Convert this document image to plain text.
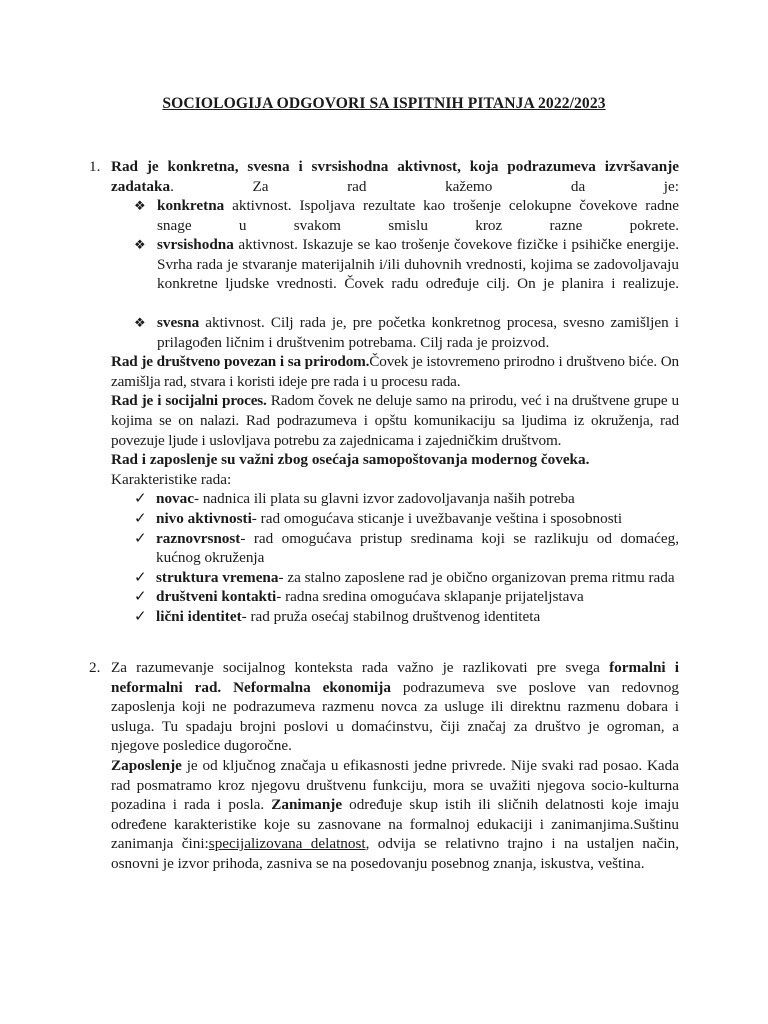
SOCIOLOGIJA ODGOVORI SA ISPITNIH PITANJA 2022/2023
1. Rad je konkretna, svesna i svrsishodna aktivnost, koja podrazumeva izvršavanje zadataka. Za rad kažemo da je:
❖ konkretna aktivnost. Ispoljava rezultate kao trošenje celokupne čovekove radne snage u svakom smislu kroz razne pokrete.
❖ svrsishodna aktivnost. Iskazuje se kao trošenje čovekove fizičke i psihičke energije. Svrha rada je stvaranje materijalnih i/ili duhovnih vrednosti, kojima se zadovoljavaju konkretne ljudske vrednosti. Čovek radu određuje cilj. On je planira i realizuje.
❖ svesna aktivnost. Cilj rada je, pre početka konkretnog procesa, svesno zamišljen i prilagođen ličnim i društvenim potrebama. Cilj rada je proizvod.
Rad je društveno povezan i sa prirodom.Čovek je istovremeno prirodno i društveno biće. On zamišlja rad, stvara i koristi ideje pre rada i u procesu rada.
Rad je i socijalni proces. Radom čovek ne deluje samo na prirodu, već i na društvene grupe u kojima se on nalazi. Rad podrazumeva i opštu komunikaciju sa ljudima iz okruženja, rad povezuje ljude i uslovljava potrebu za zajednicama i zajedničkim društvom.
Rad i zaposlenje su važni zbog osećaja samopoštovanja modernog čoveka.
Karakteristike rada:
✓ novac- nadnica ili plata su glavni izvor zadovoljavanja naših potreba
✓ nivo aktivnosti- rad omogućava sticanje i uvežbavanje veština i sposobnosti
✓ raznovrsnost- rad omogućava pristup sredinama koji se razlikuju od domaćeg, kućnog okruženja
✓ struktura vremena- za stalno zaposlene rad je obično organizovan prema ritmu rada
✓ društveni kontakti- radna sredina omogućava sklapanje prijateljstava
✓ lični identitet- rad pruža osećaj stabilnog društvenog identiteta
2. Za razumevanje socijalnog konteksta rada važno je razlikovati pre svega formalni i neformalni rad. Neformalna ekonomija podrazumeva sve poslove van redovnog zaposlenja koji ne podrazumeva razmenu novca za usluge ili direktnu razmenu dobara i usluga. Tu spadaju brojni poslovi u domaćinstvu, čiji značaj za društvo je ogroman, a njegove posledice dugoročne.
Zaposlenje je od ključnog značaja u efikasnosti jedne privrede. Nije svaki rad posao. Kada rad posmatramo kroz njegovu društvenu funkciju, mora se uvažiti njegova socio-kulturna pozadina i rada i posla. Zanimanje određuje skup istih ili sličnih delatnosti koje imaju određene karakteristike koje su zasnovane na formalnoj edukaciji i zanimanjima.Suštinu zanimanja čini:specijalizovana delatnost, odvija se relativno trajno i na ustaljen način, osnovni je izvor prihoda, zasniva se na posedovanju posebnog znanja, iskustva, veština.
